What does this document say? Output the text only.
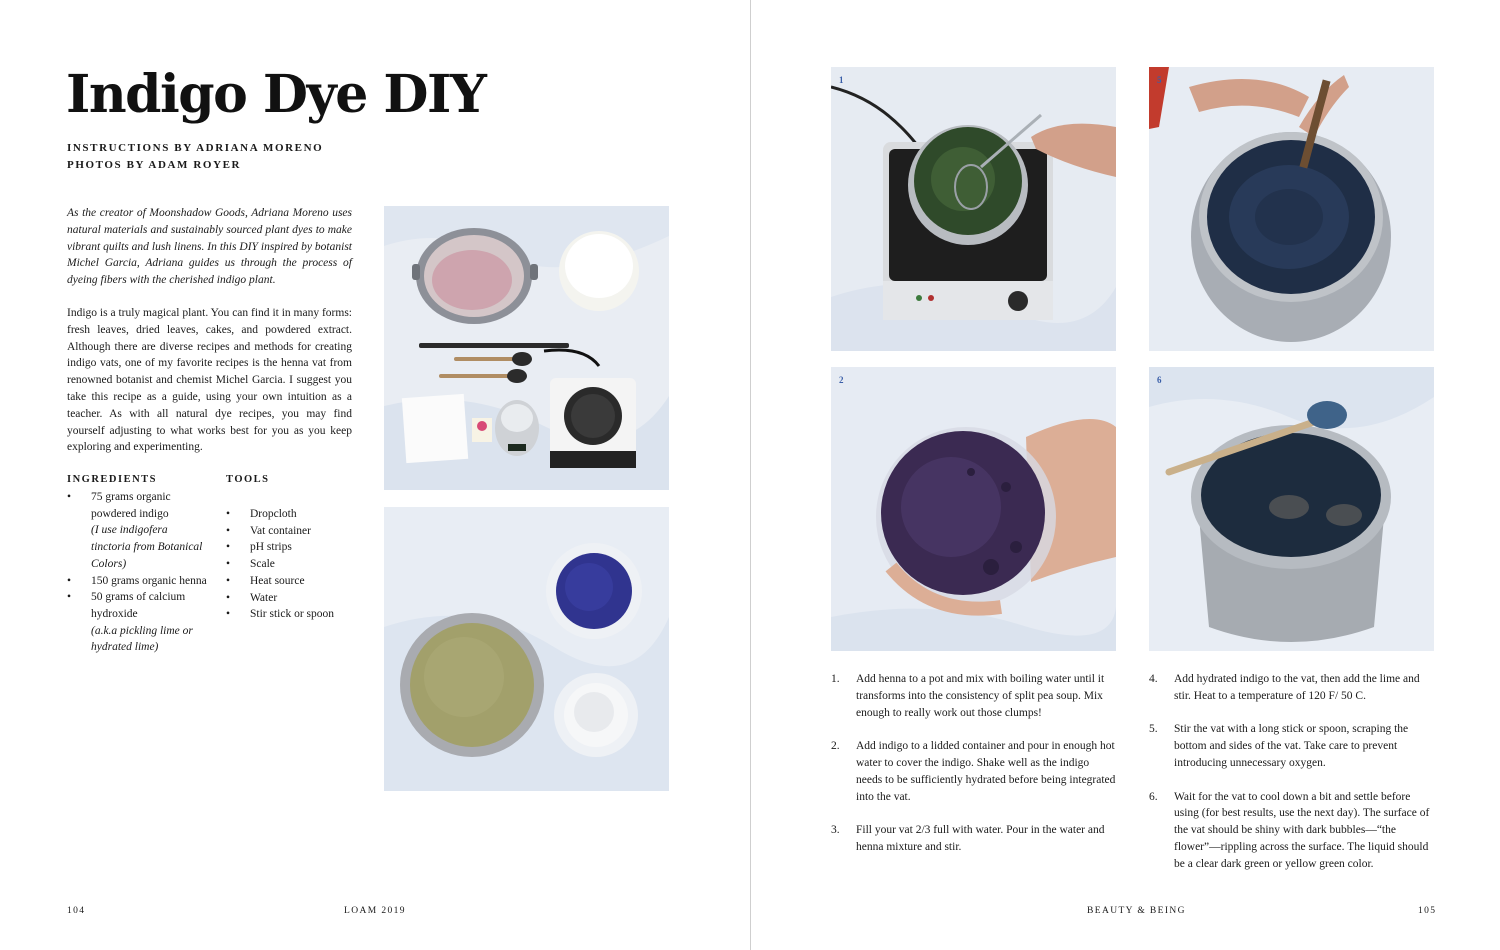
Indigo Dye DIY
INSTRUCTIONS BY ADRIANA MORENO
PHOTOS BY ADAM ROYER

As the creator of Moonshadow Goods, Adriana Moreno uses natural materials and sustainably sourced plant dyes to make vibrant quilts and lush linens. In this DIY inspired by botanist Michel Garcia, Adriana guides us through the process of dyeing fibers with the cherished indigo plant.

Indigo is a truly magical plant. You can find it in many forms: fresh leaves, dried leaves, cakes, and powdered extract. Although there are diverse recipes and methods for creating indigo vats, one of my favorite recipes is the henna vat from renowned botanist and chemist Michel Garcia. I suggest you take this recipe as a guide, using your own intuition as a teacher. As with all natural dye recipes, you may find yourself adjusting to what works best for you as you keep exploring and experimenting.

INGREDIENTS	TOOLS
• 75 grams organic powdered indigo
(I use indigofera tinctoria from Botanical Colors)
• 150 grams organic henna
• 50 grams of calcium hydroxide
(a.k.a pickling lime or hydrated lime)
• Dropcloth
• Vat container
• pH strips
• Scale
• Heat source
• Water
• Stir stick or spoon
104	LOAM 2019
1	5
2	6
1. Add henna to a pot and mix with boiling water until it transforms into the consistency of split pea soup. Mix enough to really work out those clumps!
2. Add indigo to a lidded container and pour in enough hot water to cover the indigo. Shake well as the indigo needs to be sufficiently hydrated before being integrated into the vat.
3. Fill your vat 2/3 full with water. Pour in the water and henna mixture and stir.
4. Add hydrated indigo to the vat, then add the lime and stir. Heat to a temperature of 120 F/ 50 C.
5. Stir the vat with a long stick or spoon, scraping the bottom and sides of the vat. Take care to prevent introducing unnecessary oxygen.
6. Wait for the vat to cool down a bit and settle before using (for best results, use the next day). The surface of the vat should be shiny with dark bubbles—“the flower”—rippling across the surface. The liquid should be a clear dark green or yellow green color.
BEAUTY & BEING	105
